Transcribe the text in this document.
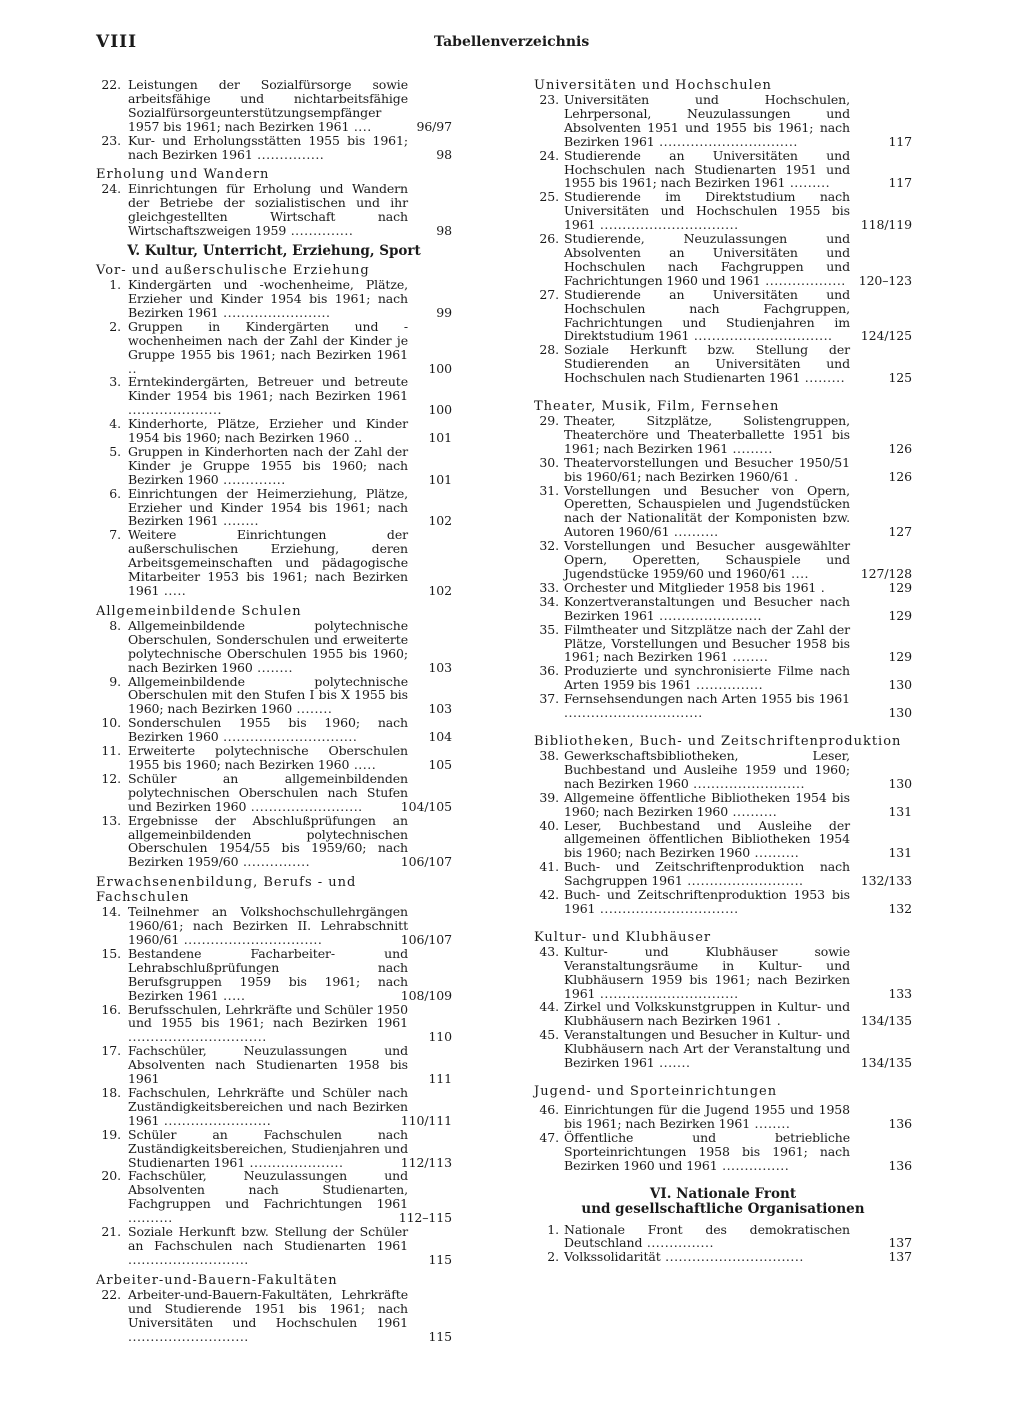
VIII	Tabellenverzeichnis
22. Leistungen der Sozialfürsorge sowie arbeitsfähige und nichtarbeitsfähige Sozialfürsorgeunterstützungsempfänger 1957 bis 1961; nach Bezirken 1961 ....	96/97
23. Kur- und Erholungsstätten 1955 bis 1961; nach Bezirken 1961 ...............	98
Erholung und Wandern
24. Einrichtungen für Erholung und Wandern der Betriebe der sozialistischen und ihr gleichgestellten Wirtschaft nach Wirtschaftszweigen 1959 ..............	98
V. Kultur, Unterricht, Erziehung, Sport
Vor- und außerschulische Erziehung
1. Kindergärten und -wochenheime, Plätze, Erzieher und Kinder 1954 bis 1961; nach Bezirken 1961 ........................	99
2. Gruppen in Kindergärten und -wochenheimen nach der Zahl der Kinder je Gruppe 1955 bis 1961; nach Bezirken 1961 ..	100
3. Erntekindergärten, Betreuer und betreute Kinder 1954 bis 1961; nach Bezirken 1961 .....................	100
4. Kinderhorte, Plätze, Erzieher und Kinder 1954 bis 1960; nach Bezirken 1960 ..	101
5. Gruppen in Kinderhorten nach der Zahl der Kinder je Gruppe 1955 bis 1960; nach Bezirken 1960 ..............	101
6. Einrichtungen der Heimerziehung, Plätze, Erzieher und Kinder 1954 bis 1961; nach Bezirken 1961 ........	102
7. Weitere Einrichtungen der außerschulischen Erziehung, deren Arbeitsgemeinschaften und pädagogische Mitarbeiter 1953 bis 1961; nach Bezirken 1961 .....	102
Allgemeinbildende Schulen
8. Allgemeinbildende polytechnische Oberschulen, Sonderschulen und erweiterte polytechnische Oberschulen 1955 bis 1960; nach Bezirken 1960 ........	103
9. Allgemeinbildende polytechnische Oberschulen mit den Stufen I bis X 1955 bis 1960; nach Bezirken 1960 ........	103
10. Sonderschulen 1955 bis 1960; nach Bezirken 1960 ..............................	104
11. Erweiterte polytechnische Oberschulen 1955 bis 1960; nach Bezirken 1960 .....	105
12. Schüler an allgemeinbildenden polytechnischen Oberschulen nach Stufen und Bezirken 1960 .........................	104/105
13. Ergebnisse der Abschlußprüfungen an allgemeinbildenden polytechnischen Oberschulen 1954/55 bis 1959/60; nach Bezirken 1959/60 ...............	106/107
Erwachsenenbildung, Berufs - und Fachschulen
14. Teilnehmer an Volkshochschullehrgängen 1960/61; nach Bezirken II. Lehrabschnitt 1960/61 ...............................	106/107
15. Bestandene Facharbeiter- und Lehrabschlußprüfungen nach Berufsgruppen 1959 bis 1961; nach Bezirken 1961 .....	108/109
16. Berufsschulen, Lehrkräfte und Schüler 1950 und 1955 bis 1961; nach Bezirken 1961 ...............................	110
17. Fachschüler, Neuzulassungen und Absolventen nach Studienarten 1958 bis 1961	111
18. Fachschulen, Lehrkräfte und Schüler nach Zuständigkeitsbereichen und nach Bezirken 1961 ........................	110/111
19. Schüler an Fachschulen nach Zuständigkeitsbereichen, Studienjahren und Studienarten 1961 .....................	112/113
20. Fachschüler, Neuzulassungen und Absolventen nach Studienarten, Fachgruppen und Fachrichtungen 1961 ..........	112–115
21. Soziale Herkunft bzw. Stellung der Schüler an Fachschulen nach Studienarten 1961 ...........................	115
Arbeiter-und-Bauern-Fakultäten
22. Arbeiter-und-Bauern-Fakultäten, Lehrkräfte und Studierende 1951 bis 1961; nach Universitäten und Hochschulen 1961 ...........................	115
Universitäten und Hochschulen
23. Universitäten und Hochschulen, Lehrpersonal, Neuzulassungen und Absolventen 1951 und 1955 bis 1961; nach Bezirken 1961 ...............................	117
24. Studierende an Universitäten und Hochschulen nach Studienarten 1951 und 1955 bis 1961; nach Bezirken 1961 .........	117
25. Studierende im Direktstudium nach Universitäten und Hochschulen 1955 bis 1961 ...............................	118/119
26. Studierende, Neuzulassungen und Absolventen an Universitäten und Hochschulen nach Fachgruppen und Fachrichtungen 1960 und 1961 ..................	120–123
27. Studierende an Universitäten und Hochschulen nach Fachgruppen, Fachrichtungen und Studienjahren im Direktstudium 1961 ...............................	124/125
28. Soziale Herkunft bzw. Stellung der Studierenden an Universitäten und Hochschulen nach Studienarten 1961 .........	125
Theater, Musik, Film, Fernsehen
29. Theater, Sitzplätze, Solistengruppen, Theaterchöre und Theaterballette 1951 bis 1961; nach Bezirken 1961 .........	126
30. Theatervorstellungen und Besucher 1950/51 bis 1960/61; nach Bezirken 1960/61 .	126
31. Vorstellungen und Besucher von Opern, Operetten, Schauspielen und Jugendstücken nach der Nationalität der Komponisten bzw. Autoren 1960/61 ..........	127
32. Vorstellungen und Besucher ausgewählter Opern, Operetten, Schauspiele und Jugendstücke 1959/60 und 1960/61 ....	127/128
33. Orchester und Mitglieder 1958 bis 1961 .	129
34. Konzertveranstaltungen und Besucher nach Bezirken 1961 .......................	129
35. Filmtheater und Sitzplätze nach der Zahl der Plätze, Vorstellungen und Besucher 1958 bis 1961; nach Bezirken 1961 ........	129
36. Produzierte und synchronisierte Filme nach Arten 1959 bis 1961 ...............	130
37. Fernsehsendungen nach Arten 1955 bis 1961 ...............................	130
Bibliotheken, Buch- und Zeitschriftenproduktion
38. Gewerkschaftsbibliotheken, Leser, Buchbestand und Ausleihe 1959 und 1960; nach Bezirken 1960 .........................	130
39. Allgemeine öffentliche Bibliotheken 1954 bis 1960; nach Bezirken 1960 ..........	131
40. Leser, Buchbestand und Ausleihe der allgemeinen öffentlichen Bibliotheken 1954 bis 1960; nach Bezirken 1960 ..........	131
41. Buch- und Zeitschriftenproduktion nach Sachgruppen 1961 ..........................	132/133
42. Buch- und Zeitschriftenproduktion 1953 bis 1961 ...............................	132
Kultur- und Klubhäuser
43. Kultur- und Klubhäuser sowie Veranstaltungsräume in Kultur- und Klubhäusern 1959 bis 1961; nach Bezirken 1961 ...............................	133
44. Zirkel und Volkskunstgruppen in Kultur- und Klubhäusern nach Bezirken 1961 .	134/135
45. Veranstaltungen und Besucher in Kultur- und Klubhäusern nach Art der Veranstaltung und Bezirken 1961 .......	134/135
Jugend- und Sporteinrichtungen
46. Einrichtungen für die Jugend 1955 und 1958 bis 1961; nach Bezirken 1961 ........	136
47. Öffentliche und betriebliche Sporteinrichtungen 1958 bis 1961; nach Bezirken 1960 und 1961 ...............	136
VI. Nationale Front
und gesellschaftliche Organisationen
1. Nationale Front des demokratischen Deutschland ...............	137
2. Volkssolidarität ...............................	137
